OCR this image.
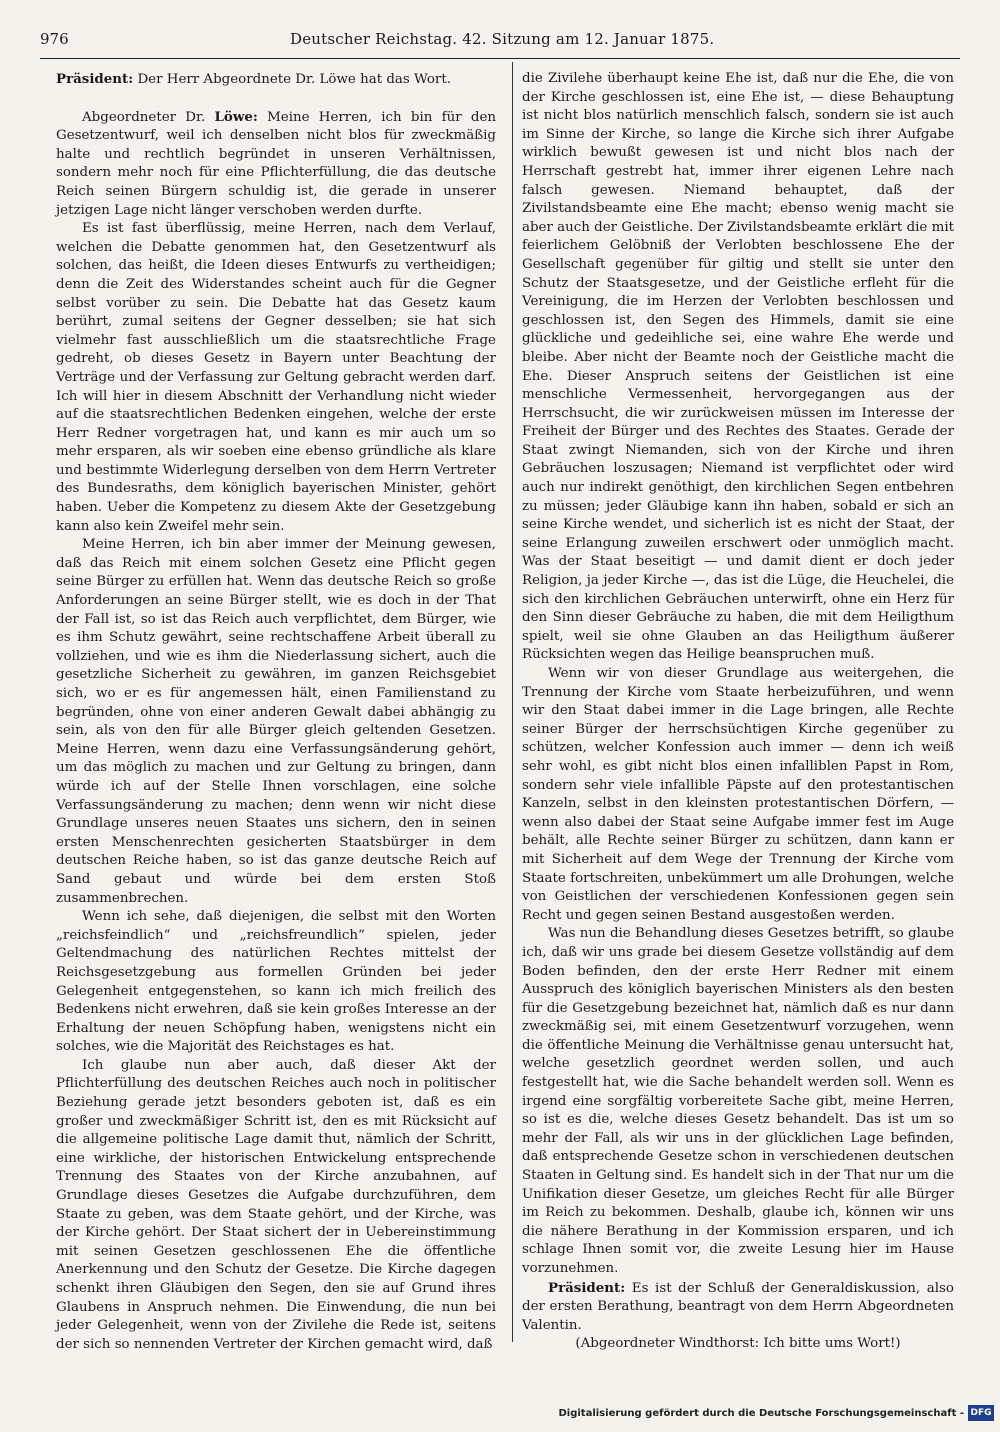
976	Deutscher Reichstag. 42. Sitzung am 12. Januar 1875.

Präsident: Der Herr Abgeordnete Dr. Löwe hat das Wort.

Abgeordneter Dr. Löwe: Meine Herren, ich bin für den Gesetzentwurf, weil ich denselben nicht blos für zweckmäßig halte und rechtlich begründet in unseren Verhältnissen, sondern mehr noch für eine Pflichterfüllung, die das deutsche Reich seinen Bürgern schuldig ist, die gerade in unserer jetzigen Lage nicht länger verschoben werden durfte.

Es ist fast überflüssig, meine Herren, nach dem Verlauf, welchen die Debatte genommen hat, den Gesetzentwurf als solchen, das heißt, die Ideen dieses Entwurfs zu vertheidigen; denn die Zeit des Widerstandes scheint auch für die Gegner selbst vorüber zu sein. Die Debatte hat das Gesetz kaum berührt, zumal seitens der Gegner desselben; sie hat sich vielmehr fast ausschließlich um die staatsrechtliche Frage gedreht, ob dieses Gesetz in Bayern unter Beachtung der Verträge und der Verfassung zur Geltung gebracht werden darf. Ich will hier in diesem Abschnitt der Verhandlung nicht wieder auf die staatsrechtlichen Bedenken eingehen, welche der erste Herr Redner vorgetragen hat, und kann es mir auch um so mehr ersparen, als wir soeben eine ebenso gründliche als klare und bestimmte Widerlegung derselben von dem Herrn Vertreter des Bundesraths, dem königlich bayerischen Minister, gehört haben. Ueber die Kompetenz zu diesem Akte der Gesetzgebung kann also kein Zweifel mehr sein.

Meine Herren, ich bin aber immer der Meinung gewesen, daß das Reich mit einem solchen Gesetz eine Pflicht gegen seine Bürger zu erfüllen hat. Wenn das deutsche Reich so große Anforderungen an seine Bürger stellt, wie es doch in der That der Fall ist, so ist das Reich auch verpflichtet, dem Bürger, wie es ihm Schutz gewährt, seine rechtschaffene Arbeit überall zu vollziehen, und wie es ihm die Niederlassung sichert, auch die gesetzliche Sicherheit zu gewähren, im ganzen Reichsgebiet sich, wo er es für angemessen hält, einen Familienstand zu begründen, ohne von einer anderen Gewalt dabei abhängig zu sein, als von den für alle Bürger gleich geltenden Gesetzen. Meine Herren, wenn dazu eine Verfassungsänderung gehört, um das möglich zu machen und zur Geltung zu bringen, dann würde ich auf der Stelle Ihnen vorschlagen, eine solche Verfassungsänderung zu machen; denn wenn wir nicht diese Grundlage unseres neuen Staates uns sichern, den in seinen ersten Menschenrechten gesicherten Staatsbürger in dem deutschen Reiche haben, so ist das ganze deutsche Reich auf Sand gebaut und würde bei dem ersten Stoß zusammenbrechen.

Wenn ich sehe, daß diejenigen, die selbst mit den Worten „reichsfeindlich“ und „reichsfreundlich“ spielen, jeder Geltendmachung des natürlichen Rechtes mittelst der Reichsgesetzgebung aus formellen Gründen bei jeder Gelegenheit entgegenstehen, so kann ich mich freilich des Bedenkens nicht erwehren, daß sie kein großes Interesse an der Erhaltung der neuen Schöpfung haben, wenigstens nicht ein solches, wie die Majorität des Reichstages es hat.

Ich glaube nun aber auch, daß dieser Akt der Pflichterfüllung des deutschen Reiches auch noch in politischer Beziehung gerade jetzt besonders geboten ist, daß es ein großer und zweckmäßiger Schritt ist, den es mit Rücksicht auf die allgemeine politische Lage damit thut, nämlich der Schritt, eine wirkliche, der historischen Entwickelung entsprechende Trennung des Staates von der Kirche anzubahnen, auf Grundlage dieses Gesetzes die Aufgabe durchzuführen, dem Staate zu geben, was dem Staate gehört, und der Kirche, was der Kirche gehört. Der Staat sichert der in Uebereinstimmung mit seinen Gesetzen geschlossenen Ehe die öffentliche Anerkennung und den Schutz der Gesetze. Die Kirche dagegen schenkt ihren Gläubigen den Segen, den sie auf Grund ihres Glaubens in Anspruch nehmen. Die Einwendung, die nun bei jeder Gelegenheit, wenn von der Zivilehe die Rede ist, seitens der sich so nennenden Vertreter der Kirchen gemacht wird, daß

die Zivilehe überhaupt keine Ehe ist, daß nur die Ehe, die von der Kirche geschlossen ist, eine Ehe ist, — diese Behauptung ist nicht blos natürlich menschlich falsch, sondern sie ist auch im Sinne der Kirche, so lange die Kirche sich ihrer Aufgabe wirklich bewußt gewesen ist und nicht blos nach der Herrschaft gestrebt hat, immer ihrer eigenen Lehre nach falsch gewesen. Niemand behauptet, daß der Zivilstandsbeamte eine Ehe macht; ebenso wenig macht sie aber auch der Geistliche. Der Zivilstandsbeamte erklärt die mit feierlichem Gelöbniß der Verlobten beschlossene Ehe der Gesellschaft gegenüber für giltig und stellt sie unter den Schutz der Staatsgesetze, und der Geistliche erfleht für die Vereinigung, die im Herzen der Verlobten beschlossen und geschlossen ist, den Segen des Himmels, damit sie eine glückliche und gedeihliche sei, eine wahre Ehe werde und bleibe. Aber nicht der Beamte noch der Geistliche macht die Ehe. Dieser Anspruch seitens der Geistlichen ist eine menschliche Vermessenheit, hervorgegangen aus der Herrschsucht, die wir zurückweisen müssen im Interesse der Freiheit der Bürger und des Rechtes des Staates. Gerade der Staat zwingt Niemanden, sich von der Kirche und ihren Gebräuchen loszusagen; Niemand ist verpflichtet oder wird auch nur indirekt genöthigt, den kirchlichen Segen entbehren zu müssen; jeder Gläubige kann ihn haben, sobald er sich an seine Kirche wendet, und sicherlich ist es nicht der Staat, der seine Erlangung zuweilen erschwert oder unmöglich macht. Was der Staat beseitigt — und damit dient er doch jeder Religion, ja jeder Kirche —, das ist die Lüge, die Heuchelei, die sich den kirchlichen Gebräuchen unterwirft, ohne ein Herz für den Sinn dieser Gebräuche zu haben, die mit dem Heiligthum spielt, weil sie ohne Glauben an das Heiligthum äußerer Rücksichten wegen das Heilige beanspruchen muß.

Wenn wir von dieser Grundlage aus weitergehen, die Trennung der Kirche vom Staate herbeizuführen, und wenn wir den Staat dabei immer in die Lage bringen, alle Rechte seiner Bürger der herrschsüchtigen Kirche gegenüber zu schützen, welcher Konfession auch immer — denn ich weiß sehr wohl, es gibt nicht blos einen infalliblen Papst in Rom, sondern sehr viele infallible Päpste auf den protestantischen Kanzeln, selbst in den kleinsten protestantischen Dörfern, — wenn also dabei der Staat seine Aufgabe immer fest im Auge behält, alle Rechte seiner Bürger zu schützen, dann kann er mit Sicherheit auf dem Wege der Trennung der Kirche vom Staate fortschreiten, unbekümmert um alle Drohungen, welche von Geistlichen der verschiedenen Konfessionen gegen sein Recht und gegen seinen Bestand ausgestoßen werden.

Was nun die Behandlung dieses Gesetzes betrifft, so glaube ich, daß wir uns grade bei diesem Gesetze vollständig auf dem Boden befinden, den der erste Herr Redner mit einem Ausspruch des königlich bayerischen Ministers als den besten für die Gesetzgebung bezeichnet hat, nämlich daß es nur dann zweckmäßig sei, mit einem Gesetzentwurf vorzugehen, wenn die öffentliche Meinung die Verhältnisse genau untersucht hat, welche gesetzlich geordnet werden sollen, und auch festgestellt hat, wie die Sache behandelt werden soll. Wenn es irgend eine sorgfältig vorbereitete Sache gibt, meine Herren, so ist es die, welche dieses Gesetz behandelt. Das ist um so mehr der Fall, als wir uns in der glücklichen Lage befinden, daß entsprechende Gesetze schon in verschiedenen deutschen Staaten in Geltung sind. Es handelt sich in der That nur um die Unifikation dieser Gesetze, um gleiches Recht für alle Bürger im Reich zu bekommen. Deshalb, glaube ich, können wir uns die nähere Berathung in der Kommission ersparen, und ich schlage Ihnen somit vor, die zweite Lesung hier im Hause vorzunehmen.

Präsident: Es ist der Schluß der Generaldiskussion, also der ersten Berathung, beantragt von dem Herrn Abgeordneten Valentin.

(Abgeordneter Windthorst: Ich bitte ums Wort!)

Digitalisierung gefördert durch die Deutsche Forschungsgemeinschaft - DFG
